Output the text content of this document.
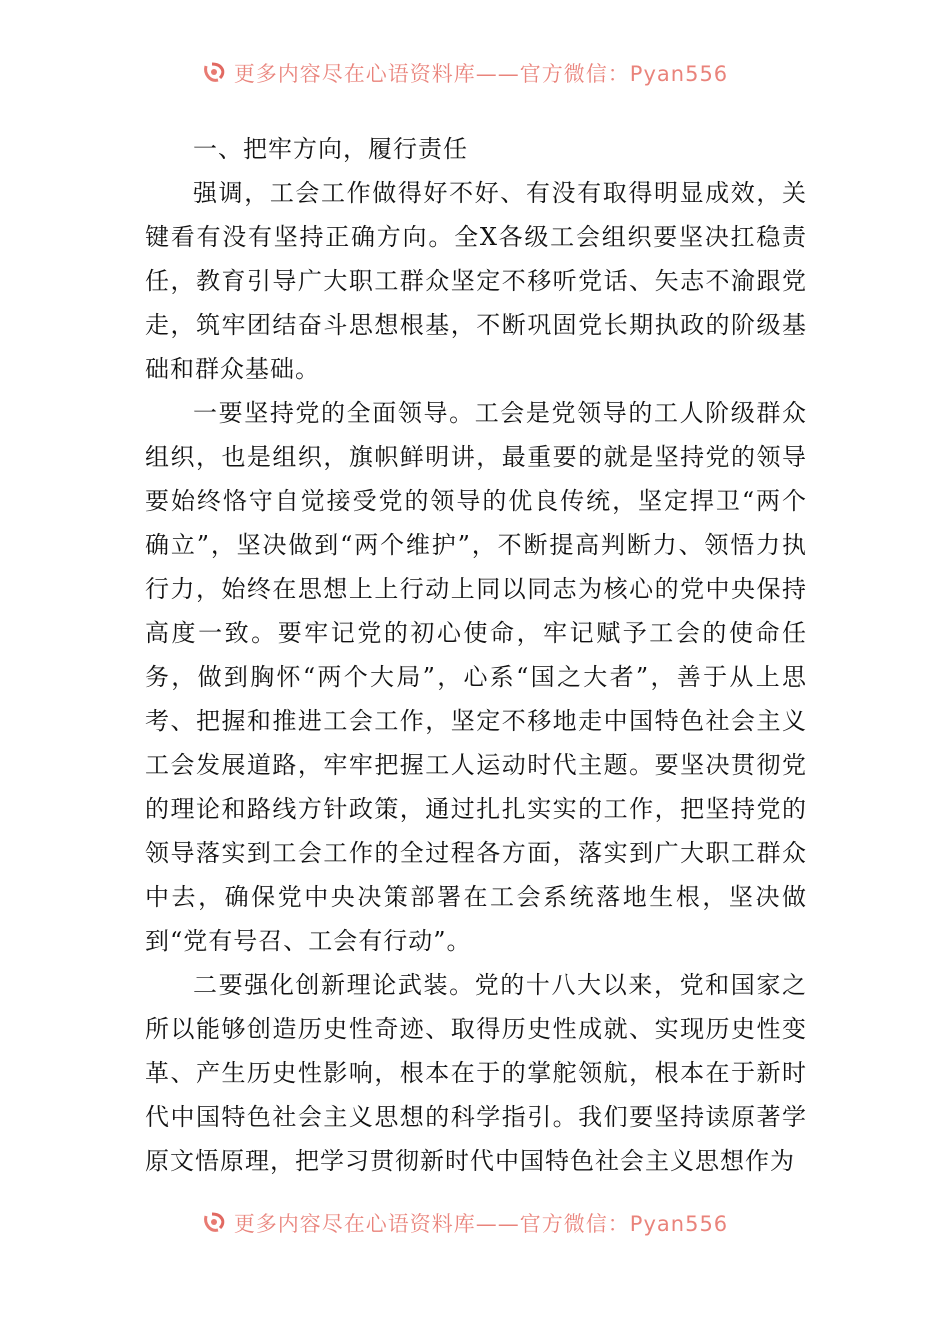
更多内容尽在心语资料库——官方微信：Pyan556

一、把牢方向，履行责任

强调，工会工作做得好不好、有没有取得明显成效，关键看有没有坚持正确方向。全X各级工会组织要坚决扛稳责任，教育引导广大职工群众坚定不移听党话、矢志不渝跟党走，筑牢团结奋斗思想根基，不断巩固党长期执政的阶级基础和群众基础。

一要坚持党的全面领导。工会是党领导的工人阶级群众组织，也是组织，旗帜鲜明讲，最重要的就是坚持党的领导要始终恪守自觉接受党的领导的优良传统，坚定捍卫“两个确立”，坚决做到“两个维护”，不断提高判断力、领悟力执行力，始终在思想上上行动上同以同志为核心的党中央保持高度一致。要牢记党的初心使命，牢记赋予工会的使命任务，做到胸怀“两个大局”，心系“国之大者”，善于从上思考、把握和推进工会工作，坚定不移地走中国特色社会主义工会发展道路，牢牢把握工人运动时代主题。要坚决贯彻党的理论和路线方针政策，通过扎扎实实的工作，把坚持党的领导落实到工会工作的全过程各方面，落实到广大职工群众中去，确保党中央决策部署在工会系统落地生根，坚决做到“党有号召、工会有行动”。

二要强化创新理论武装。党的十八大以来，党和国家之所以能够创造历史性奇迹、取得历史性成就、实现历史性变革、产生历史性影响，根本在于的掌舵领航，根本在于新时代中国特色社会主义思想的科学指引。我们要坚持读原著学原文悟原理，把学习贯彻新时代中国特色社会主义思想作为

更多内容尽在心语资料库——官方微信：Pyan556
